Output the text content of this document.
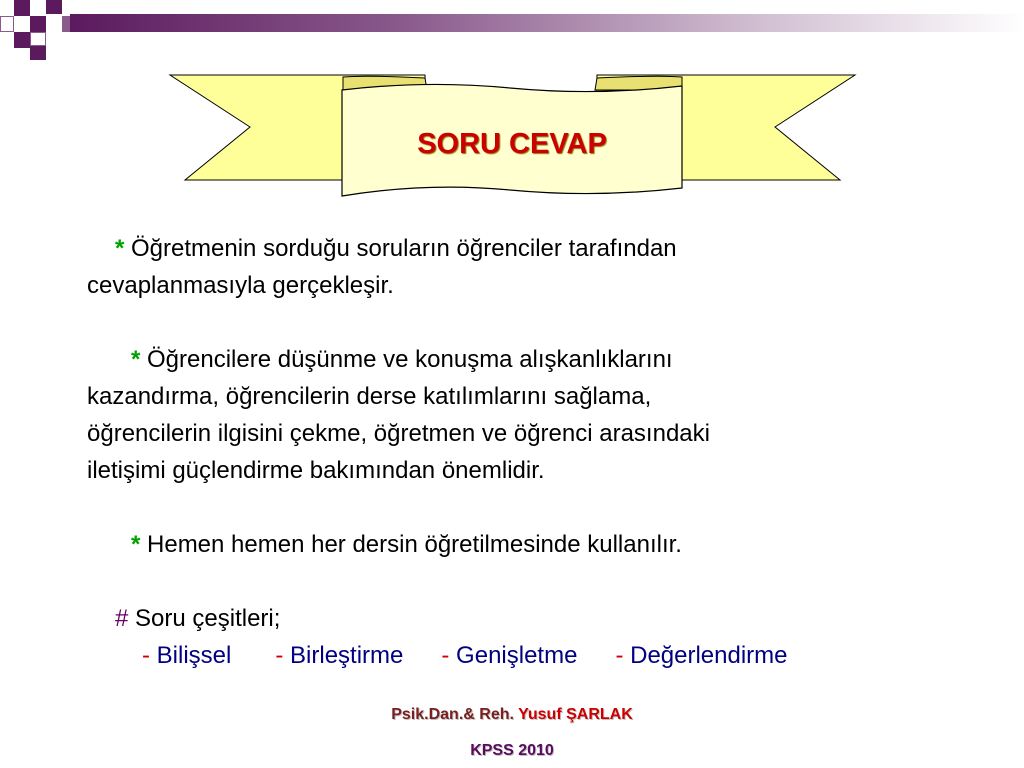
SORU CEVAP

* Öğretmenin sorduğu soruların öğrenciler tarafından
cevaplanmasıyla gerçekleşir.

* Öğrencilere düşünme ve konuşma alışkanlıklarını
kazandırma, öğrencilerin derse katılımlarını sağlama,
öğrencilerin ilgisini çekme, öğretmen ve öğrenci arasındaki
iletişimi güçlendirme bakımından önemlidir.

* Hemen hemen her dersin öğretilmesinde kullanılır.

# Soru çeşitleri;

- Bilişsel - Birleştirme - Genişletme - Değerlendirme

Psik.Dan.& Reh. Yusuf ŞARLAK
KPSS 2010
